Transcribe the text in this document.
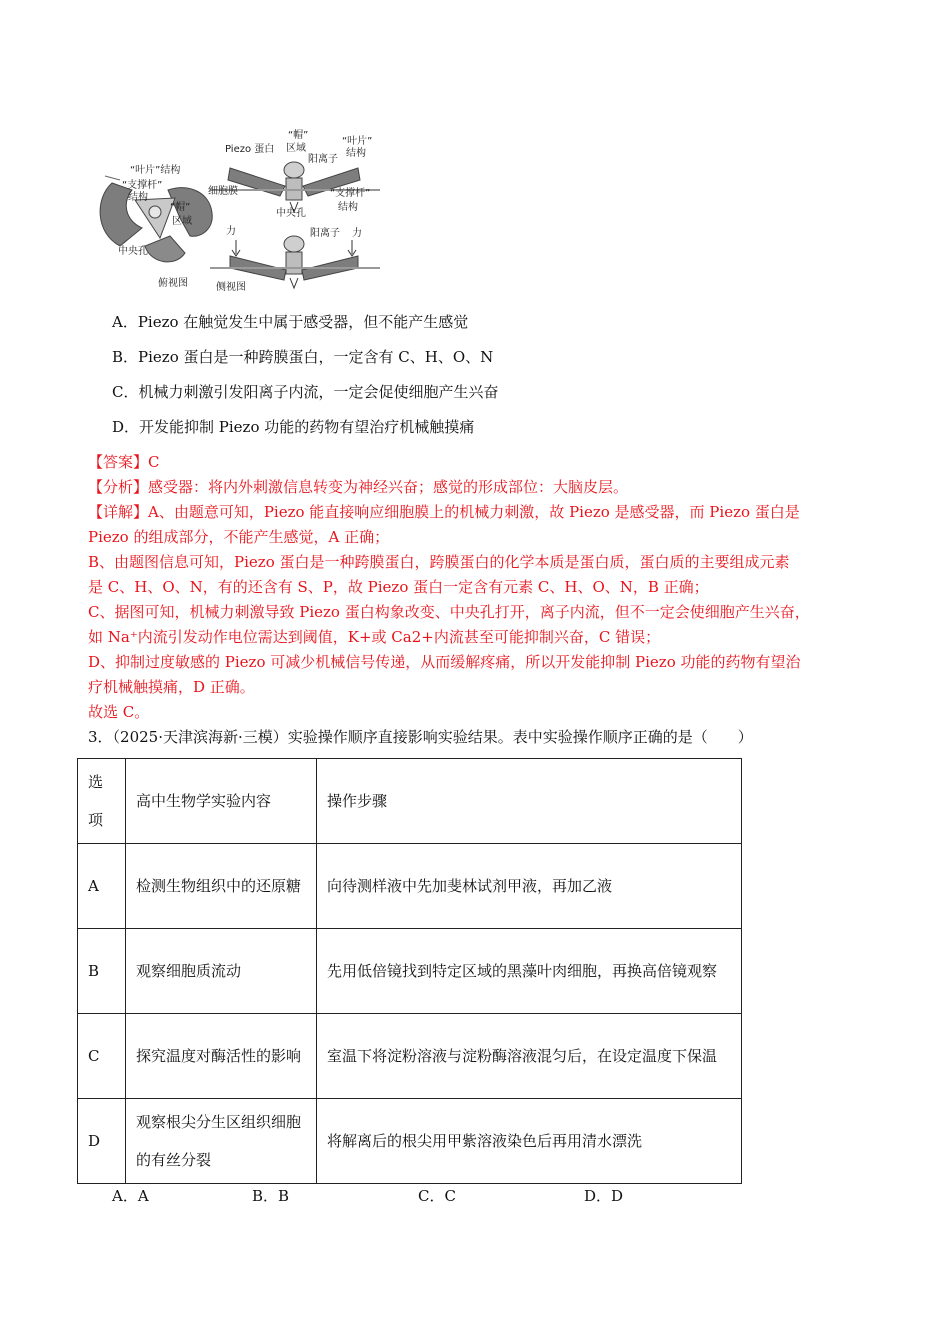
“叶片”结构
“支撑杆”
结构
“帽”
区域
中央孔
俯视图
Piezo 蛋白
“帽”
区域
“叶片”
结构
阳离子
细胞膜	“支撑杆”
结构
中央孔
力	阳离子 力
侧视图
A．Piezo 在触觉发生中属于感受器，但不能产生感觉
B．Piezo 蛋白是一种跨膜蛋白，一定含有 C、H、O、N
C．机械力刺激引发阳离子内流，一定会促使细胞产生兴奋
D．开发能抑制 Piezo 功能的药物有望治疗机械触摸痛
【答案】C
【分析】感受器：将内外刺激信息转变为神经兴奋；感觉的形成部位：大脑皮层。
【详解】A、由题意可知，Piezo 能直接响应细胞膜上的机械力刺激，故 Piezo 是感受器，而 Piezo 蛋白是
Piezo 的组成部分，不能产生感觉，A 正确；
B、由题图信息可知，Piezo 蛋白是一种跨膜蛋白，跨膜蛋白的化学本质是蛋白质，蛋白质的主要组成元素
是 C、H、O、N，有的还含有 S、P，故 Piezo 蛋白一定含有元素 C、H、O、N，B 正确；
C、据图可知，机械力刺激导致 Piezo 蛋白构象改变、中央孔打开，离子内流，但不一定会使细胞产生兴奋，
如 Na⁺内流引发动作电位需达到阈值，K+或 Ca2+内流甚至可能抑制兴奋，C 错误；
D、抑制过度敏感的 Piezo 可减少机械信号传递，从而缓解疼痛，所以开发能抑制 Piezo 功能的药物有望治
疗机械触摸痛，D 正确。
故选 C。
3．（2025·天津滨海新·三模）实验操作顺序直接影响实验结果。表中实验操作顺序正确的是（　　）
选项	高中生物学实验内容	操作步骤
A	检测生物组织中的还原糖	向待测样液中先加斐林试剂甲液，再加乙液
B	观察细胞质流动	先用低倍镜找到特定区域的黑藻叶肉细胞，再换高倍镜观察
C	探究温度对酶活性的影响	室温下将淀粉溶液与淀粉酶溶液混匀后，在设定温度下保温
D	观察根尖分生区组织细胞的有丝分裂	将解离后的根尖用甲紫溶液染色后再用清水漂洗
A．A	B．B	C．C	D．D
